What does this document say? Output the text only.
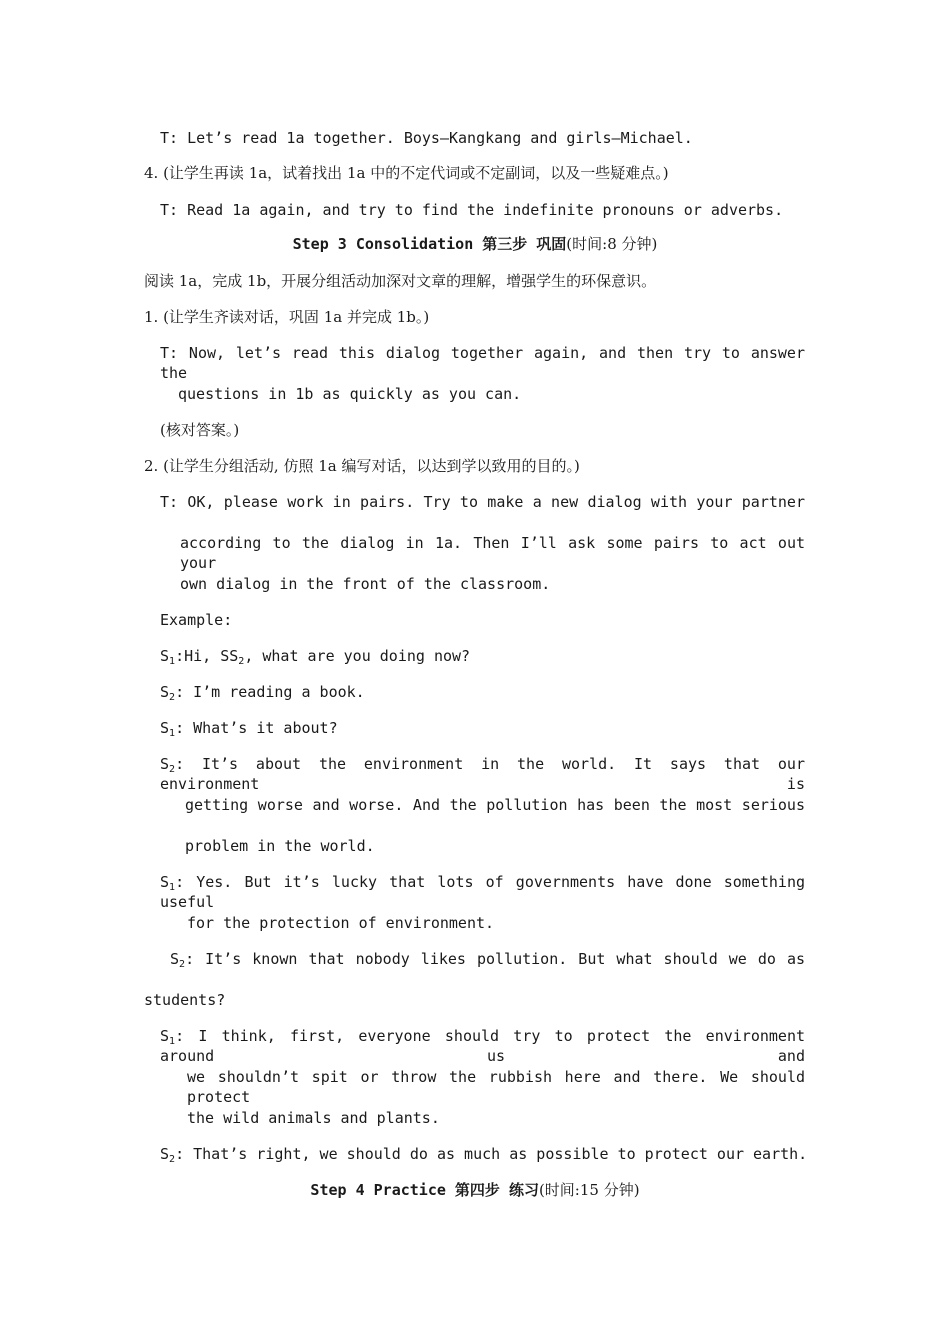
T: Let’s read 1a together. Boys—Kangkang and girls—Michael.
4. (让学生再读 1a，试着找出 1a 中的不定代词或不定副词，以及一些疑难点。)
T: Read 1a again, and try to find the indefinite pronouns or adverbs.
Step 3 Consolidation 第三步 巩固(时间:8 分钟)
阅读 1a，完成 1b，开展分组活动加深对文章的理解，增强学生的环保意识。
1. (让学生齐读对话，巩固 1a 并完成 1b。)
T: Now, let’s read this dialog together again, and then try to answer the
questions in 1b as quickly as you can.
(核对答案。)
2. (让学生分组活动, 仿照 1a 编写对话，以达到学以致用的目的。)
T: OK, please work in pairs. Try to make a new dialog with your partner
according to the dialog in 1a. Then I’ll ask some pairs to act out your
own dialog in the front of the classroom.
Example:
$S_1:Hi$, $SS_2$, what are you doing now?
$S_2$: I’m reading a book.
$S_1$: What’s it about?
$S_2$: It’s about the environment in the world. It says that our environment is
getting worse and worse. And the pollution has been the most serious
problem in the world.
$S_1$: Yes. But it’s lucky that lots of governments have done something useful
for the protection of environment.
$S_2$: It’s known that nobody likes pollution. But what should we do as
students?
$S_1$: I think, first, everyone should try to protect the environment around us and
we shouldn’t spit or throw the rubbish here and there. We should protect
the wild animals and plants.
$S_2$: That’s right, we should do as much as possible to protect our earth.
Step 4 Practice 第四步 练习(时间:15 分钟)
